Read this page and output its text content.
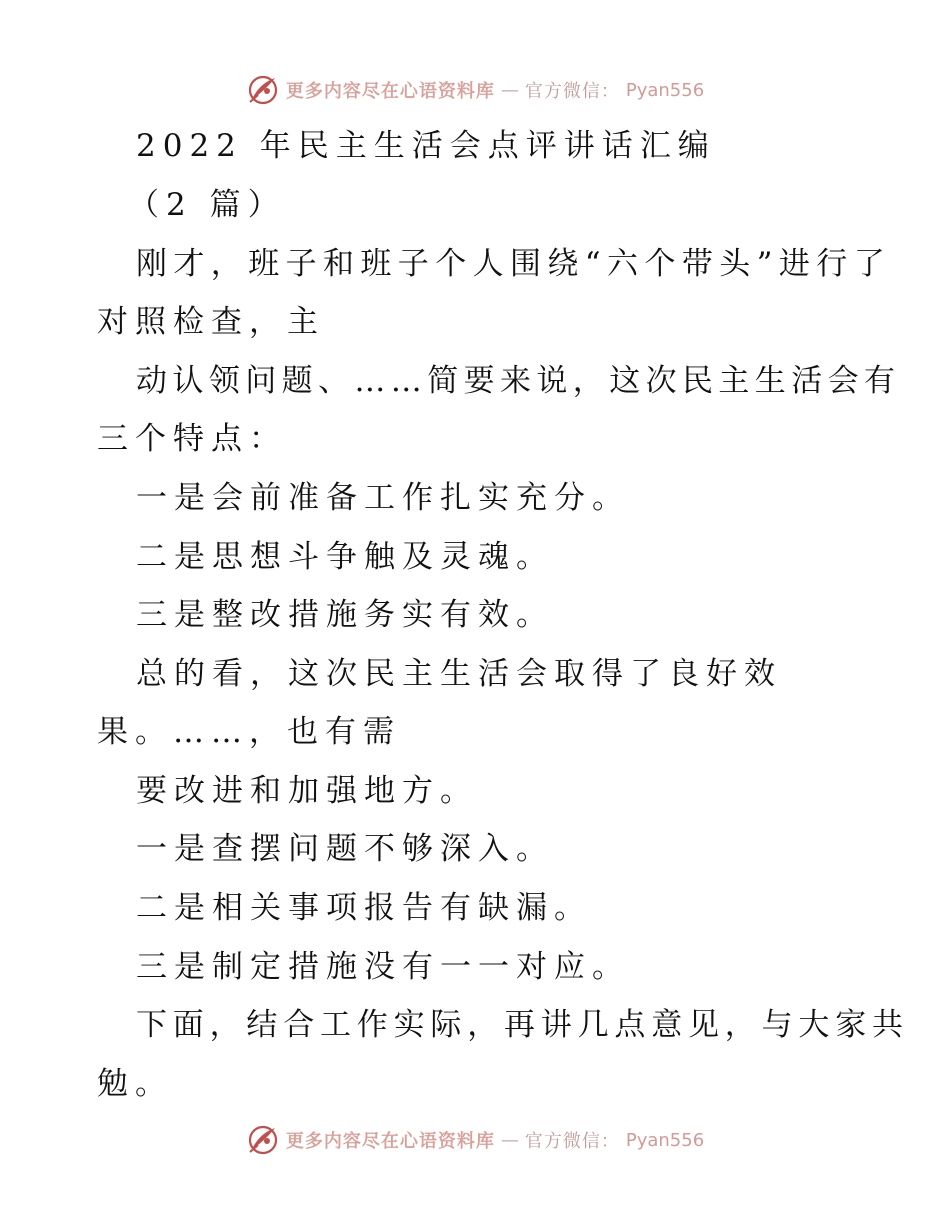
更多内容尽在心语资料库 — 官方微信： Pyan556
2022 年民主生活会点评讲话汇编
（2 篇）
刚才，班子和班子个人围绕“六个带头”进行了
对照检查，主
动认领问题、……简要来说，这次民主生活会有
三个特点：
一是会前准备工作扎实充分。
二是思想斗争触及灵魂。
三是整改措施务实有效。
总的看，这次民主生活会取得了良好效
果。……，也有需
要改进和加强地方。
一是查摆问题不够深入。
二是相关事项报告有缺漏。
三是制定措施没有一一对应。
下面，结合工作实际，再讲几点意见，与大家共
勉。
更多内容尽在心语资料库 — 官方微信： Pyan556
